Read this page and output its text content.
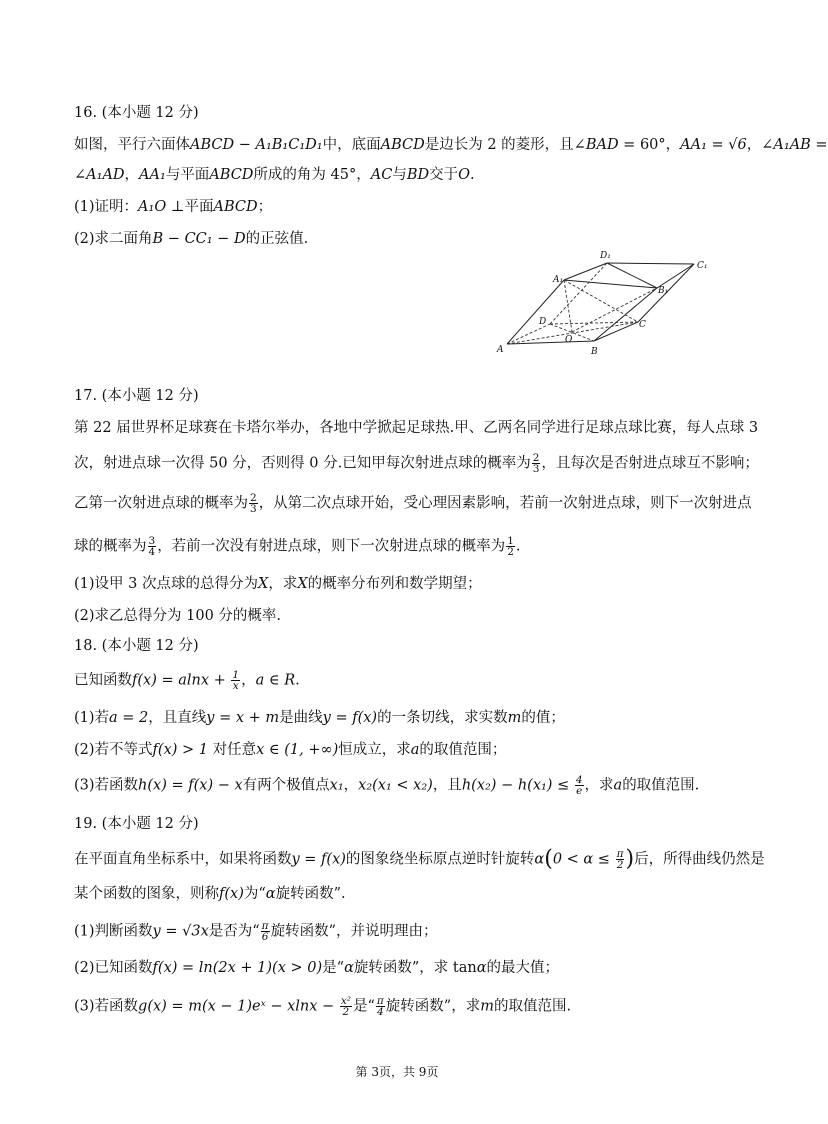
16. (本小题 12 分)
如图，平行六面体ABCD − A₁B₁C₁D₁中，底面ABCD是边长为 2 的菱形，且∠BAD = 60°，AA₁ = √6，∠A₁AB =
∠A₁AD，AA₁与平面ABCD所成的角为 45°，AC与BD交于O.
(1)证明：A₁O ⊥平面ABCD；
(2)求二面角B − CC₁ − D的正弦值.
A	B
C
D
O
A₁
B₁
C₁
D₁
17. (本小题 12 分)
第 22 届世界杯足球赛在卡塔尔举办，各地中学掀起足球热.甲、乙两名同学进行足球点球比赛，每人点球 3
次，射进点球一次得 50 分，否则得 0 分.已知甲每次射进点球的概率为 $\frac{2}{3}$ ，且每次是否射进点球互不影响；
乙第一次射进点球的概率为 $\frac{2}{3}$ ，从第二次点球开始，受心理因素影响，若前一次射进点球，则下一次射进点
球的概率为 $\frac{3}{4}$ ，若前一次没有射进点球，则下一次射进点球的概率为 $\frac{1}{2}$ .
(1)设甲 3 次点球的总得分为X，求X的概率分布列和数学期望；
(2)求乙总得分为 100 分的概率.
18. (本小题 12 分)
已知函数$f(x) = alnx + \frac{1}{x}$ ，a ∈ R.
(1)若a = 2，且直线y = x + m是曲线y = f(x)的一条切线，求实数m的值；
(2)若不等式f(x) > 1 对任意x ∈ (1, +∞)恒成立，求a的取值范围；
(3)若函数h(x) = f(x) − x有两个极值点x₁，x₂(x₁ < x₂)，且$h(x_2) - h(x_1) \le \frac{4}{e}$ ，求a的取值范围.
19. (本小题 12 分)
在平面直角坐标系中，如果将函数y = f(x)的图象绕坐标原点逆时针旋转$\alpha(0 < \alpha \le \frac{\pi}{2}$ )后，所得曲线仍然是
某个函数的图象，则称f(x)为“α旋转函数”.
(1)判断函数y = √3x是否为“ $\frac{\pi}{6}$ 旋转函数”，并说明理由；
(2)已知函数f(x) = ln(2x + 1)(x > 0)是“α旋转函数”，求 tanα的最大值；
(3)若函数g(x) = m(x − 1)eˣ − $xlnx - \frac{\text{x²}}{2}$ 是“ $\frac{\pi}{4}$ 旋转函数”，求m的取值范围.
第 3页，共 9页
